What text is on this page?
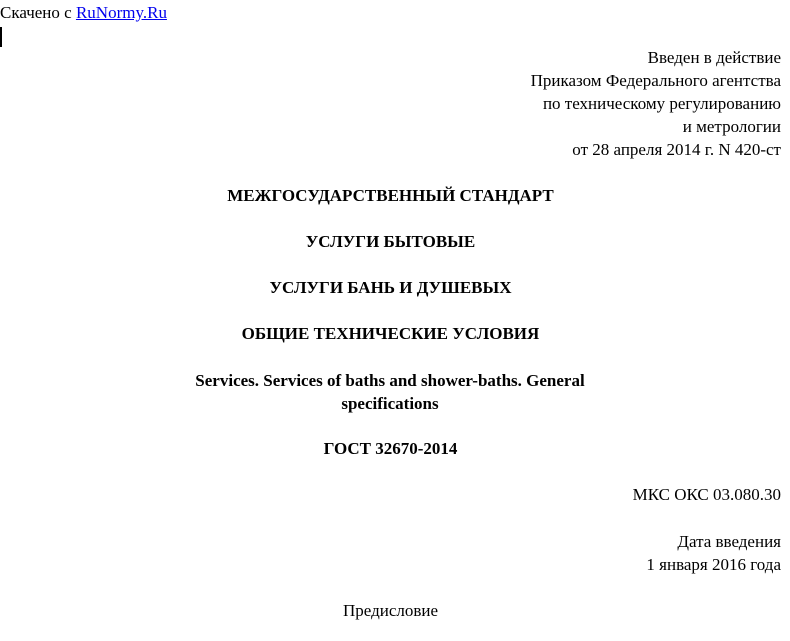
Скачено с RuNormy.Ru
Введен в действие
Приказом Федерального агентства
по техническому регулированию
и метрологии
от 28 апреля 2014 г. N 420-ст
МЕЖГОСУДАРСТВЕННЫЙ СТАНДАРТ
УСЛУГИ БЫТОВЫЕ
УСЛУГИ БАНЬ И ДУШЕВЫХ
ОБЩИЕ ТЕХНИЧЕСКИЕ УСЛОВИЯ
Services. Services of baths and shower-baths. General specifications
ГОСТ 32670-2014
МКС ОКС 03.080.30
Дата введения
1 января 2016 года
Предисловие
